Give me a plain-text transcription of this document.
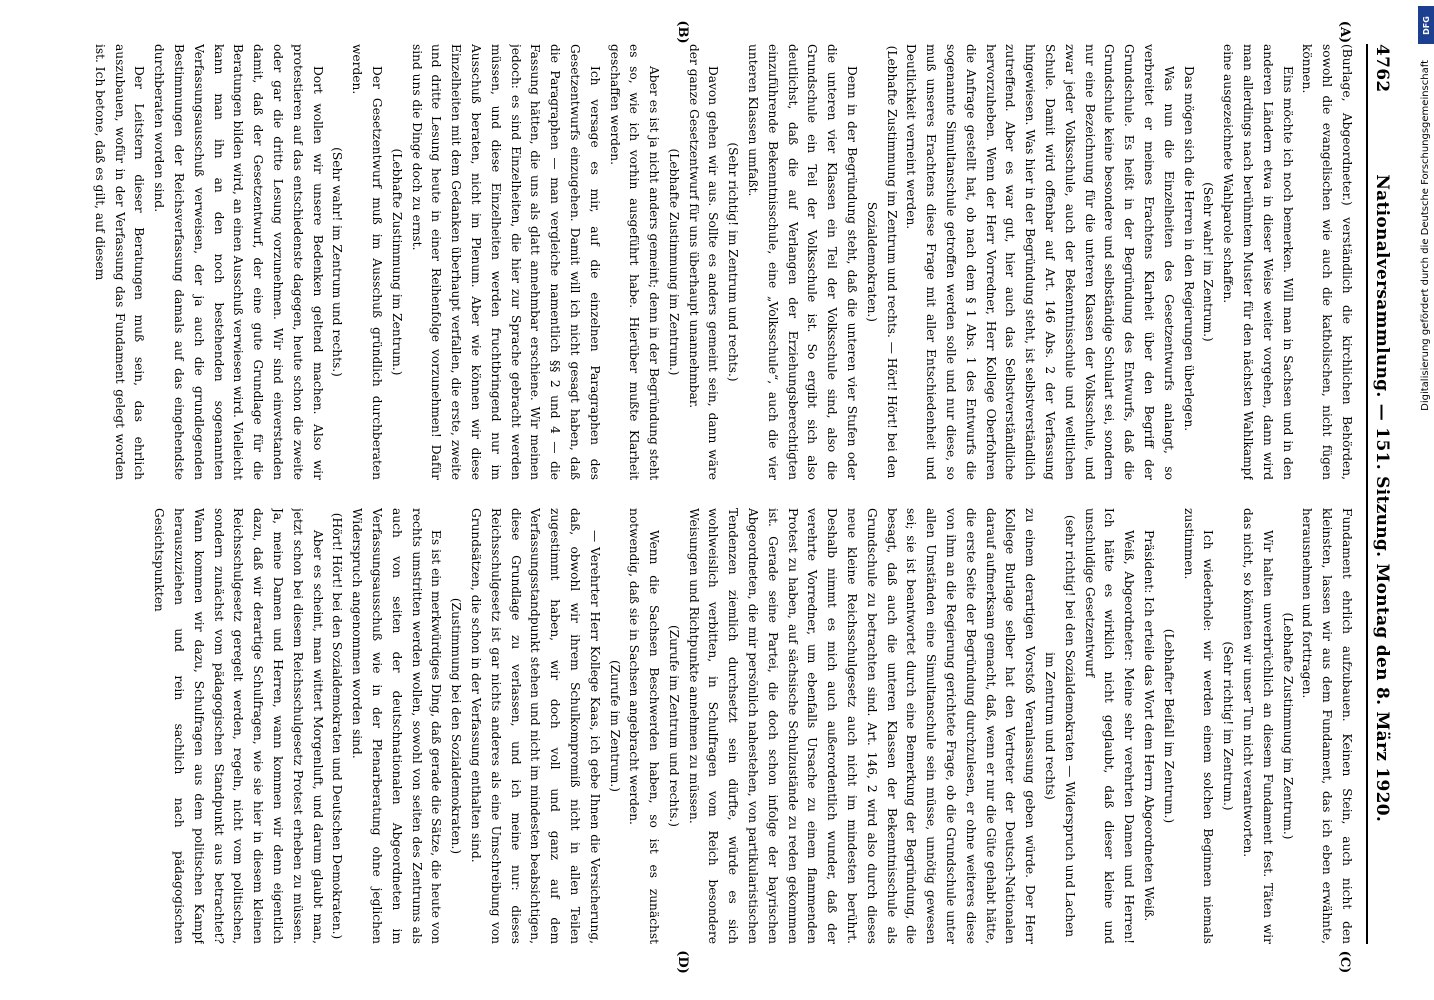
4762
Nationalversammlung. — 151. Sitzung. Montag den 8. März 1920.
(A)
(B)
(C)
(D)

(Burlage, Abgeordneter.) verständlich die kirchlichen Behörden, sowohl die evangelischen wie auch die katholischen, nicht fügen können.

Eins möchte ich noch bemerken. Will man in Sachsen und in den anderen Ländern etwa in dieser Weise weiter vorgehen, dann wird man allerdings nach berühmtem Muster für den nächsten Wahlkampf eine ausgezeichnete Wahlparole schaffen.

(Sehr wahr! im Zentrum.)

Das mögen sich die Herren in den Regierungen überlegen.

Was nun die Einzelheiten des Gesetzentwurfs anlangt, so verbreitet er meines Erachtens Klarheit über den Begriff der Grundschule. Es heißt in der Begründung des Entwurfs, daß die Grundschule keine besondere und selbständige Schulart sei, sondern nur eine Bezeichnung für die unteren Klassen der Volksschule, und zwar jeder Volksschule, auch der Bekenntnisschule und weltlichen Schule. Damit wird offenbar auf Art. 146 Abs. 2 der Verfassung hingewiesen. Was hier in der Begründung steht, ist selbstverständlich zutreffend. Aber es war gut, hier auch das Selbstverständliche hervorzuheben. Wenn der Herr Vorredner, Herr Kollege Oberfohren die Anfrage gestellt hat, ob nach dem § 1 Abs. 1 des Entwurfs die sogenannte Simultanschule getroffen werden solle und nur diese, so muß unseres Erachtens diese Frage mit aller Entschiedenheit und Deutlichkeit verneint werden.

(Lebhafte Zustimmung im Zentrum und rechts. — Hört! Hört! bei den Sozialdemokraten.)

Denn in der Begründung steht, daß die unteren vier Stufen oder die unteren vier Klassen ein Teil der Volksschule sind, also die Grundschule ein Teil der Volksschule ist. So ergibt sich also deutlichst, daß die auf Verlangen der Erziehungsberechtigten einzuführende Bekenntnisschule, eine „Volksschule“, auch die vier unteren Klassen umfaßt.

(Sehr richtig! im Zentrum und rechts.)

Davon gehen wir aus. Sollte es anders gemeint sein, dann wäre der ganze Gesetzentwurf für uns überhaupt unannehmbar.

(Lebhafte Zustimmung im Zentrum.)

Aber es ist ja nicht anders gemeint; denn in der Begründung steht es so, wie ich vorhin ausgeführt habe. Hierüber mußte Klarheit geschaffen werden.

Ich versage es mir, auf die einzelnen Paragraphen des Gesetzentwurfs einzugehen. Damit will ich nicht gesagt haben, daß die Paragraphen — man vergleiche namentlich §§ 2 und 4 — die Fassung hätten, die uns als glatt annehmbar erschiene. Wir meinen jedoch: es sind Einzelheiten, die hier zur Sprache gebracht werden müssen, und diese Einzelheiten werden fruchtbringend nur im Ausschuß beraten, nicht im Plenum. Aber wie können wir diese Einzelheiten mit dem Gedanken überhaupt verfallen, die erste, zweite und dritte Lesung heute in einer Reihenfolge vorzunehmen! Dafür sind uns die Dinge doch zu ernst.

(Lebhafte Zustimmung im Zentrum.)

Der Gesetzentwurf muß im Ausschuß gründlich durchberaten werden.

(Sehr wahr! im Zentrum und rechts.)

Dort wollen wir unsere Bedenken geltend machen. Also wir protestieren auf das entschiedenste dagegen, heute schon die zweite oder gar die dritte Lesung vorzunehmen. Wir sind einverstanden damit, daß der Gesetzentwurf, der eine gute Grundlage für die Beratungen bilden wird, an einen Ausschuß verwiesen wird. Vielleicht kann man ihn an den noch bestehenden sogenannten Verfassungsausschuß verweisen, der ja auch die grundlegenden Bestimmungen der Reichsverfassung damals auf das eingehendste durchberaten worden sind.

Der Leitstern dieser Beratungen muß sein, das ehrlich auszubauen, wofür in der Verfassung das Fundament gelegt worden ist. Ich betone, daß es gilt, auf diesem

Fundament ehrlich aufzubauen. Keinen Stein, auch nicht den kleinsten, lassen wir aus dem Fundament, das ich eben erwähnte, herausnehmen und forttragen.

(Lebhafte Zustimmung im Zentrum.)

Wir halten unverbrüchlich an diesem Fundament fest. Täten wir das nicht, so könnten wir unser Tun nicht verantworten.

(Sehr richtig! im Zentrum.)

Ich wiederhole: wir werden einem solchen Beginnen niemals zustimmen.

(Lebhafter Beifall im Zentrum.)

Präsident: Ich erteile das Wort dem Herrn Abgeordneten Weiß.

Weiß, Abgeordneter: Meine sehr verehrten Damen und Herren! Ich hätte es wirklich nicht geglaubt, daß dieser kleine und unschuldige Gesetzentwurf

(sehr richtig! bei den Sozialdemokraten — Widerspruch und Lachen im Zentrum und rechts)

zu einem derartigen Vorstoß Veranlassung geben würde. Der Herr Kollege Burlage selber hat den Vertreter der Deutsch-Nationalen darauf aufmerksam gemacht, daß, wenn er nur die Güte gehabt hätte, die erste Seite der Begründung durchzulesen, er ohne weiteres diese von ihm an die Regierung gerichtete Frage, ob die Grundschule unter allen Umständen eine Simultanschule sein müsse, unnötig gewesen sei; sie ist beantwortet durch eine Bemerkung der Begründung, die besagt, daß auch die unteren Klassen der Bekenntnisschule als Grundschule zu betrachten sind. Art. 146, 2 wird also durch dieses neue kleine Reichsschulgesetz auch nicht im mindesten berührt. Deshalb nimmt es mich auch außerordentlich wunder, daß der verehrte Vorredner, um ebenfalls Ursache zu einem flammenden Protest zu haben, auf sächsische Schulzustände zu reden gekommen ist. Gerade seine Partei, die doch schon infolge der bayrischen Abgeordneten, die mir persönlich nahestehen, von partikularistischen Tendenzen ziemlich durchsetzt sein dürfte, würde es sich wohlweislich verbitten, in Schulfragen vom Reich besondere Weisungen und Richtpunkte annehmen zu müssen.

(Zurufe im Zentrum und rechts.)

Wenn die Sachsen Beschwerden haben, so ist es zunächst notwendig, daß sie in Sachsen angebracht werden.

(Zurufe im Zentrum.)

— Verehrter Herr Kollege Kaas, ich gebe Ihnen die Versicherung, daß, obwohl wir ihrem Schulkompromiß nicht in allen Teilen zugestimmt haben, wir doch voll und ganz auf dem Verfassungsstandpunkt stehen und nicht im mindesten beabsichtigen, diese Grundlage zu verlassen, und ich meine nur: dieses Reichsschulgesetz ist gar nichts anderes als eine Umschreibung von Grundsätzen, die schon in der Verfassung enthalten sind.

(Zustimmung bei den Sozialdemokraten.)

Es ist ein merkwürdiges Ding, daß gerade die Sätze, die heute von rechts umstritten werden wollen, sowohl von seiten des Zentrums als auch von seiten der deutschnationalen Abgeordneten im Verfassungsausschuß wie in der Plenarberatung ohne jeglichen Widerspruch angenommen worden sind.

(Hört! Hört! bei den Sozialdemokraten und Deutschen Demokraten.)

Aber es scheint, man wittert Morgenluft, und darum glaubt man, jetzt schon bei diesem Reichsschulgesetz Protest erheben zu müssen. Ja, meine Damen und Herren, wann kommen wir denn eigentlich dazu, daß wir derartige Schulfragen, wie sie hier in diesem kleinen Reichsschulgesetz geregelt werden, regeln, nicht vom politischen, sondern zunächst vom pädagogischen Standpunkt aus betrachtet? Wann kommen wir dazu, Schulfragen aus dem politischen Kampf herauszuziehen und rein sachlich nach pädagogischen Gesichtspunkten

Digitalisierung gefördert durch die Deutsche Forschungsgemeinschaft
DFG
